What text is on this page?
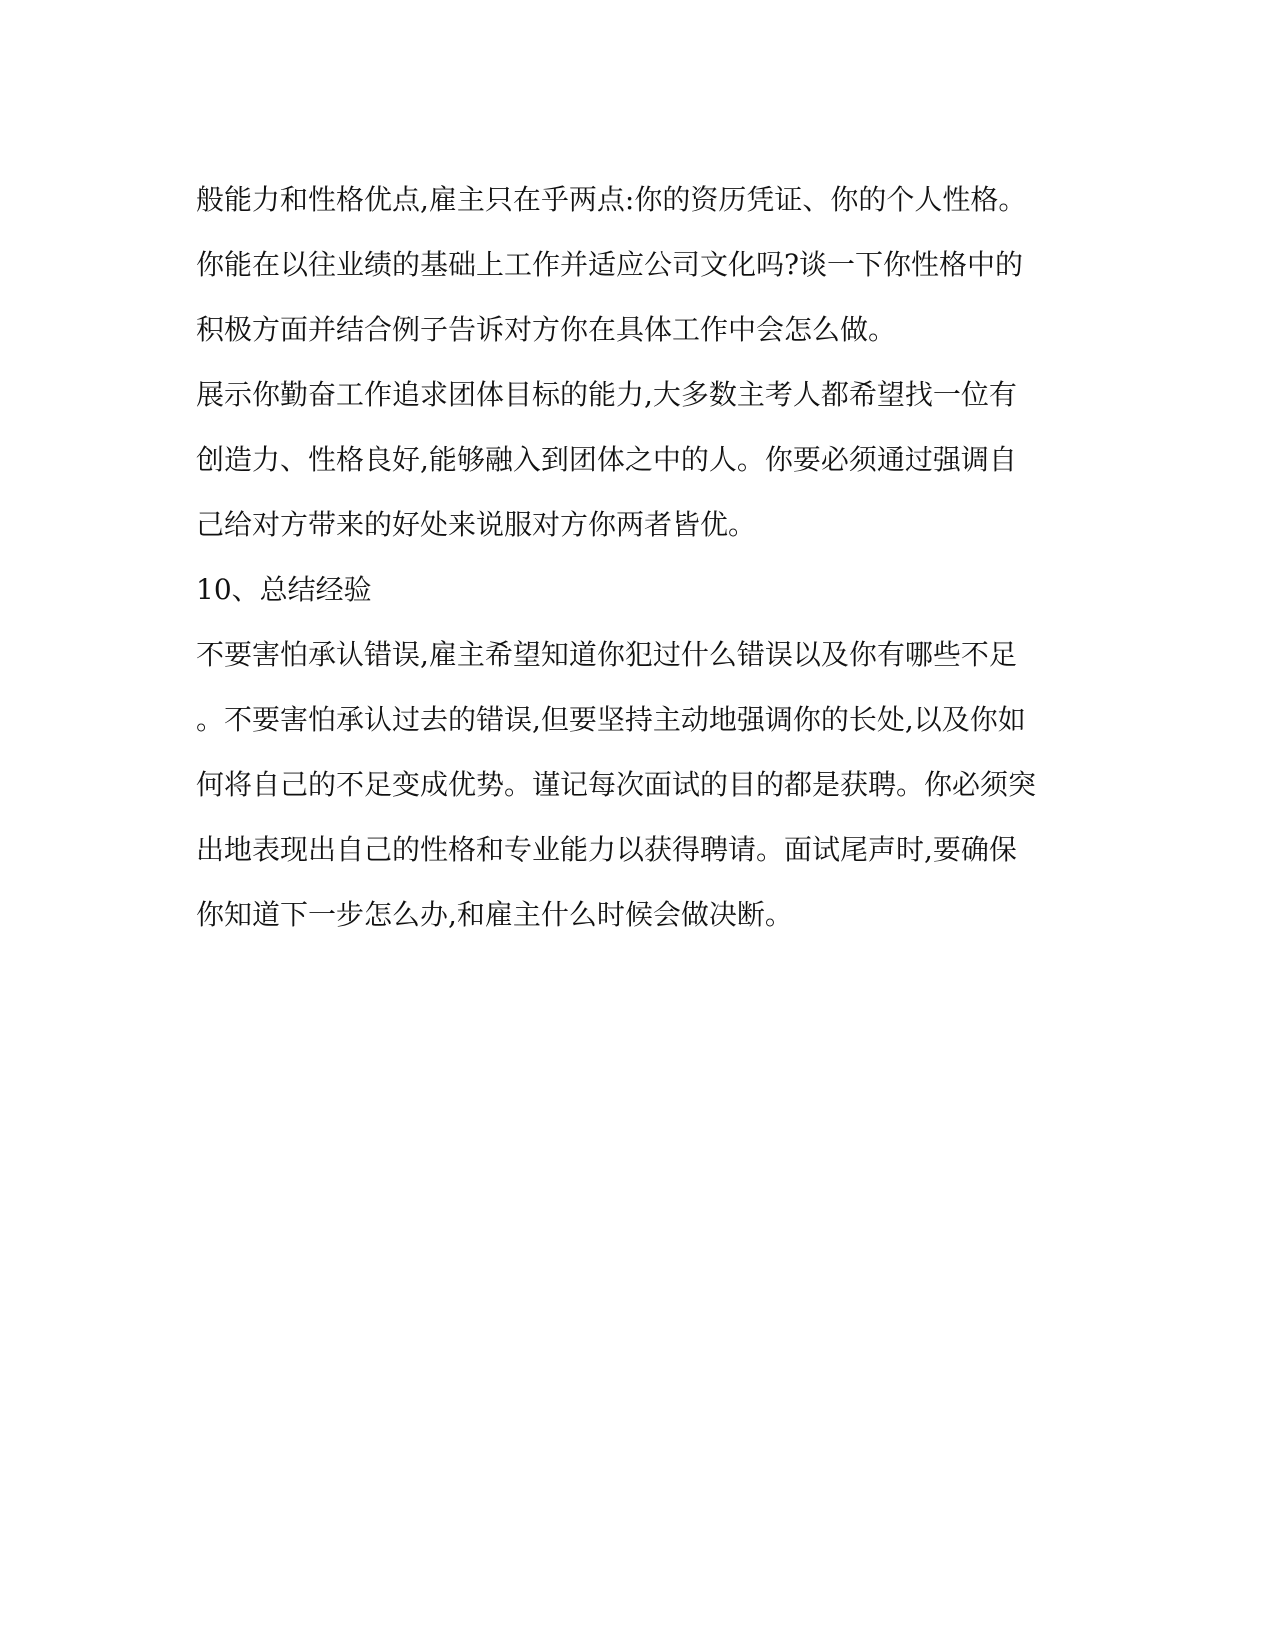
般能力和性格优点,雇主只在乎两点:你的资历凭证、你的个人性格。
你能在以往业绩的基础上工作并适应公司文化吗?谈一下你性格中的
积极方面并结合例子告诉对方你在具体工作中会怎么做。
展示你勤奋工作追求团体目标的能力,大多数主考人都希望找一位有
创造力、性格良好,能够融入到团体之中的人。你要必须通过强调自
己给对方带来的好处来说服对方你两者皆优。
10、总结经验
不要害怕承认错误,雇主希望知道你犯过什么错误以及你有哪些不足
。不要害怕承认过去的错误,但要坚持主动地强调你的长处,以及你如
何将自己的不足变成优势。谨记每次面试的目的都是获聘。你必须突
出地表现出自己的性格和专业能力以获得聘请。面试尾声时,要确保
你知道下一步怎么办,和雇主什么时候会做决断。
